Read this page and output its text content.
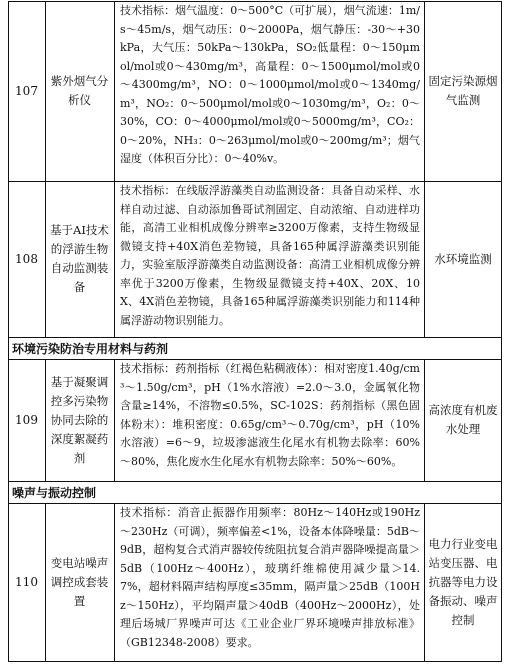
107
紫外烟气分析仪
技术指标：烟气温度：0～500°C（可扩展），烟气流速：1m/s～45m/s，烟气动压：0～2000Pa，烟气静压：-30～+30kPa，大气压：50kPa～130kPa，SO₂低量程：0～150μmol/mol或0～430mg/m³，高量程：0～1500μmol/mol或0～4300mg/m³，NO：0～1000μmol/mol或0～1340mg/m³，NO₂：0～500μmol/mol或0～1030mg/m³，O₂：0～30%，CO：0～4000μmol/mol或0～5000mg/m³，CO₂：0～20%，NH₃：0～263μmol/mol或0～200mg/m³；烟气湿度（体积百分比）：0～40%v。
固定污染源烟气监测
108
基于AI技术的浮游生物自动监测装备
技术指标：在线版浮游藻类自动监测设备：具备自动采样、水样自动过滤、自动添加鲁哥试剂固定、自动浓缩、自动进样功能，高清工业相机成像分辨率≥3200万像素，支持生物级显微镜支持+40X消色差物镜，具备165种属浮游藻类识别能力，实验室版浮游藻类自动监测设备：高清工业相机成像分辨率优于3200万像素，生物级显微镜支持+40X、20X、10X、4X消色差物镜，具备165种属浮游藻类识别能力和114种属浮游动物识别能力。
水环境监测
环境污染防治专用材料与药剂
109
基于凝聚调控多污染物协同去除的深度絮凝药剂
技术指标：药剂指标（红褐色粘稠液体）：相对密度1.40g/cm³～1.50g/cm³，pH（1%水溶液）=2.0～3.0，金属氧化物含量≥14%，不溶物≤0.5%，SC-102S：药剂指标（黑色固体粉末）：堆积密度：0.65g/cm³～0.70g/cm³，pH（10%水溶液）=6～9，垃圾渗滤液生化尾水有机物去除率：60%～80%，焦化废水生化尾水有机物去除率：50%～60%。
高浓度有机废水处理
噪声与振动控制
110
变电站噪声调控成套装置
技术指标：消音止振器作用频率：80Hz～140Hz或190Hz～230Hz（可调），频率偏差<1%，设备本体降噪量：5dB～9dB，超构复合式消声器较传统阻抗复合消声器降噪提高量＞5dB（100Hz～400Hz），玻璃纤维棉使用减少量＞14.7%，超材料隔声结构厚度≤35mm，隔声量＞25dB（100Hz～150Hz），平均隔声量＞40dB（400Hz～2000Hz），处理后场城厂界噪声可达《工业企业厂界环境噪声排放标准》（GB12348-2008）要求。
电力行业变电站变压器、电抗器等电力设备振动、噪声控制
